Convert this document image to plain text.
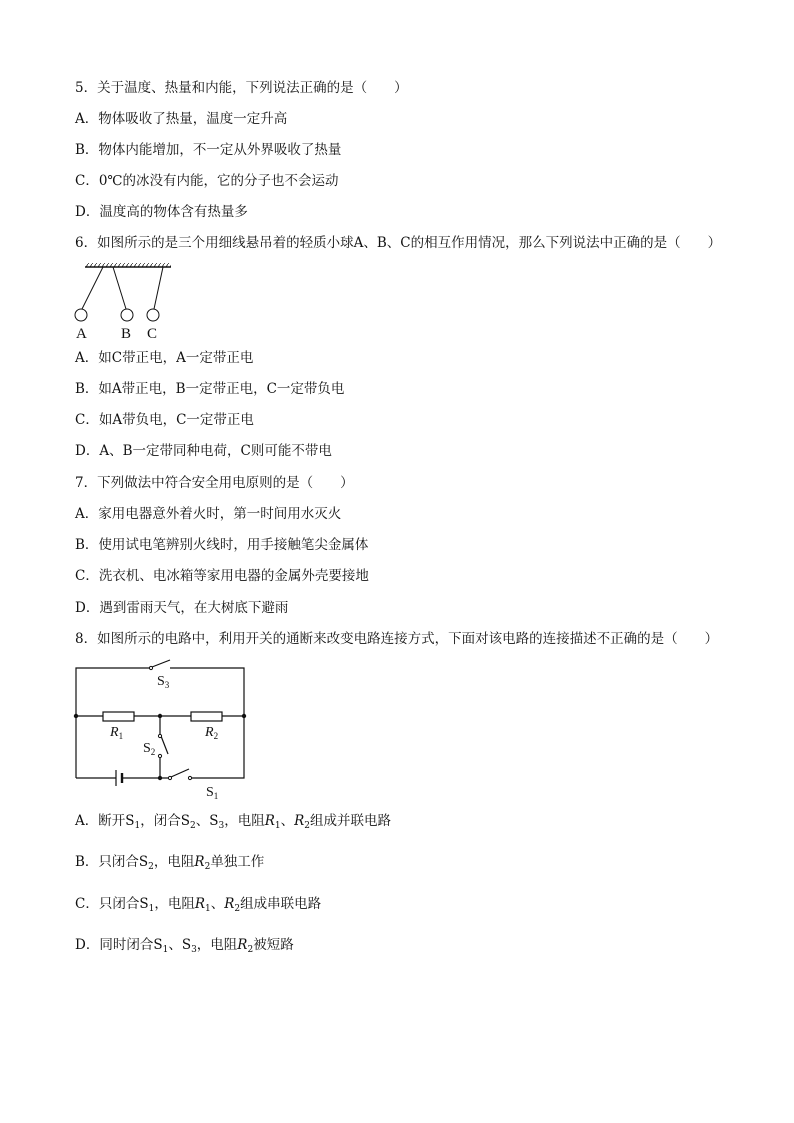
5．关于温度、热量和内能，下列说法正确的是（　　）
A．物体吸收了热量，温度一定升高
B．物体内能增加，不一定从外界吸收了热量
C．0℃的冰没有内能，它的分子也不会运动
D．温度高的物体含有热量多
6．如图所示的是三个用细线悬吊着的轻质小球A、B、C的相互作用情况，那么下列说法中正确的是（　　）
A B C
A．如C带正电，A一定带正电
B．如A带正电，B一定带正电，C一定带负电
C．如A带负电，C一定带正电
D．A、B一定带同种电荷，C则可能不带电
7．下列做法中符合安全用电原则的是（　　）
A．家用电器意外着火时，第一时间用水灭火
B．使用试电笔辨别火线时，用手接触笔尖金属体
C．洗衣机、电冰箱等家用电器的金属外壳要接地
D．遇到雷雨天气，在大树底下避雨
8．如图所示的电路中，利用开关的通断来改变电路连接方式，下面对该电路的连接描述不正确的是（　　）
$S_3$
$R_1$	$R_2$
$S_2$
$S_1$
A．断开$S_1$，闭合$S_2$、$S_3$，电阻$R_1$、$R_2$组成并联电路
B．只闭合$S_2$，电阻$R_2$单独工作
C．只闭合$S_1$，电阻$R_1$、$R_2$组成串联电路
D．同时闭合$S_1$、$S_3$，电阻$R_2$被短路
